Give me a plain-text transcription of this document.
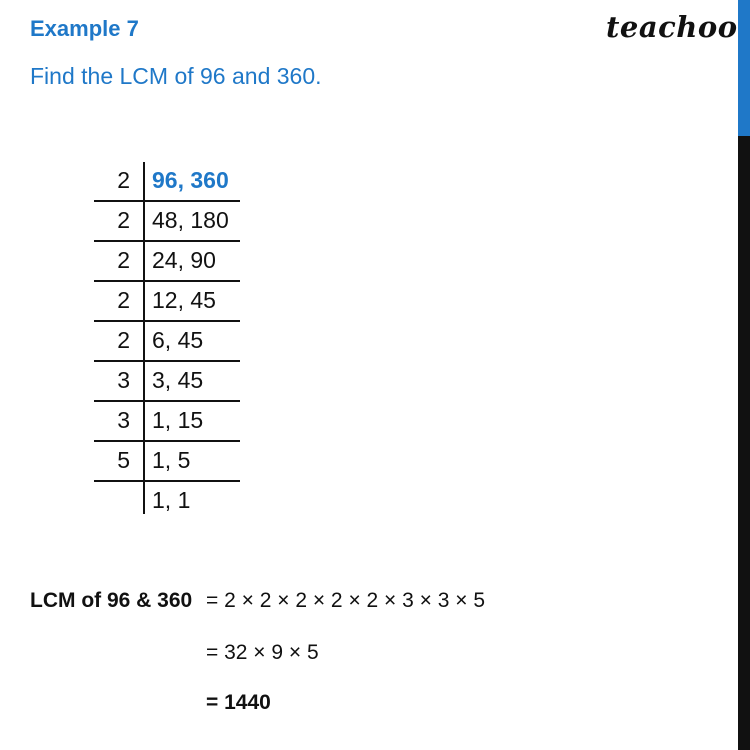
Example 7	teachoo
Find the LCM of 96 and 360.
2 96, 360
2 48, 180
2 24, 90
2 12, 45
2 6, 45
3 3, 45
3 1, 15
5 1, 5
1, 1
LCM of 96 & 360 = 2 × 2 × 2 × 2 × 2 × 3 × 3 × 5
= 32 × 9 × 5
= 1440
